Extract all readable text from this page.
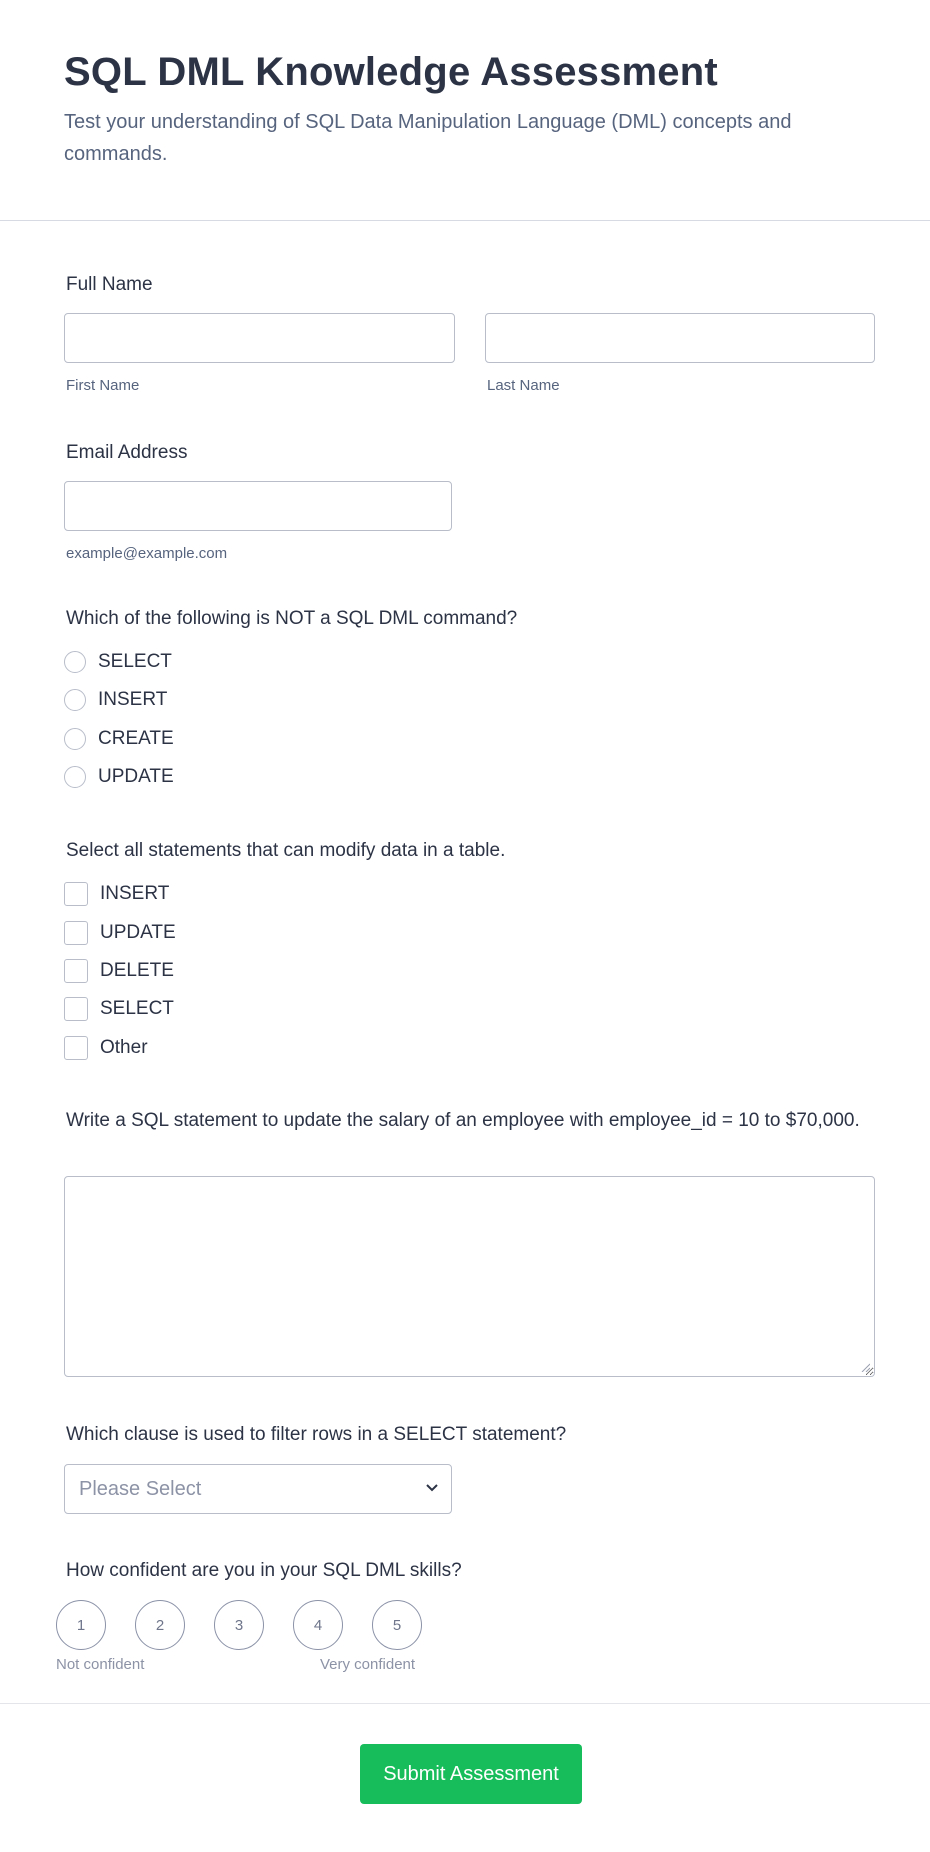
SQL DML Knowledge Assessment

Test your understanding of SQL Data Manipulation Language (DML) concepts and commands.

Full Name
First Name	Last Name
Email Address
example@example.com
Which of the following is NOT a SQL DML command?
SELECT
INSERT
CREATE
UPDATE
Select all statements that can modify data in a table.
INSERT
UPDATE
DELETE
SELECT
Other
Write a SQL statement to update the salary of an employee with employee_id = 10 to $70,000.
Which clause is used to filter rows in a SELECT statement?
Please Select
How confident are you in your SQL DML skills?
1	2	3	4	5
Not confident	Very confident
Submit Assessment
